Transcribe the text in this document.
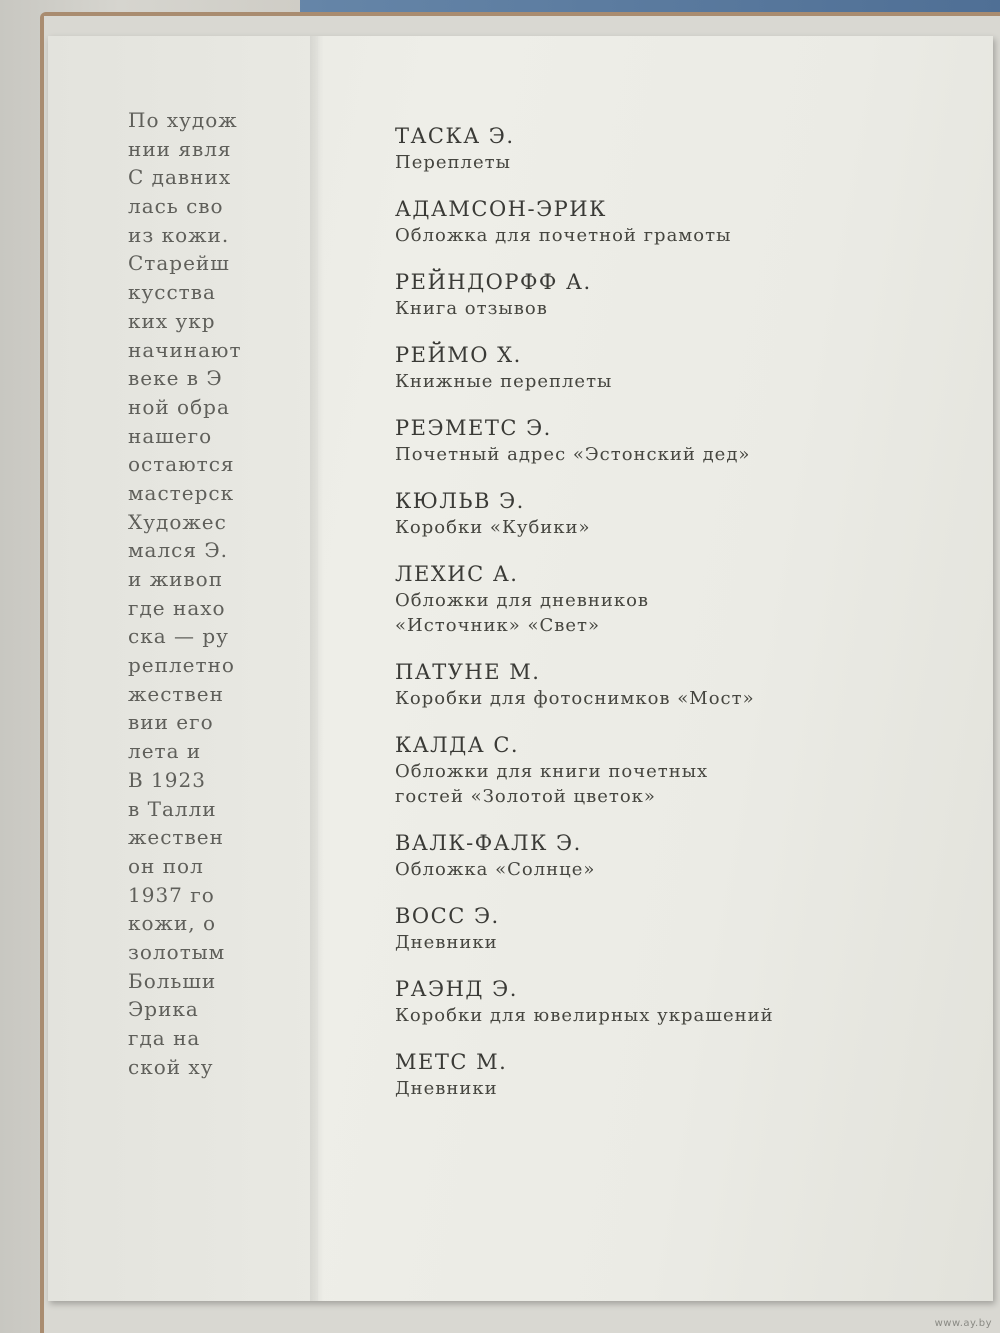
По худож
нии явля
С давних
лась сво
из кожи.
Старейш
кусства
ких укр
начинают
веке в Э
ной обра
нашего
остаются
мастерск
Художес
мался Э.
и живоп
где нахо
ска — ру
реплетно
жествен
вии его
лета и
В 1923
в Талли
жествен
он пол
1937 го
кожи, о
золотым
Больши
Эрика
гда на
ской ху
ТАСКА Э.
Переплеты
АДАМСОН-ЭРИК
Обложка для почетной грамоты
РЕЙНДОРФФ А.
Книга отзывов
РЕЙМО Х.
Книжные переплеты
РЕЭМЕТС Э.
Почетный адрес «Эстонский дед»
КЮЛЬВ Э.
Коробки «Кубики»
ЛЕХИС А.
Обложки для дневников
«Источник» «Свет»
ПАТУНЕ М.
Коробки для фотоснимков «Мост»
КАЛДА С.
Обложки для книги почетных
гостей «Золотой цветок»
ВАЛК-ФАЛК Э.
Обложка «Солнце»
ВОСС Э.
Дневники
РАЭНД Э.
Коробки для ювелирных украшений
МЕТС М.
Дневники
www.ay.by
